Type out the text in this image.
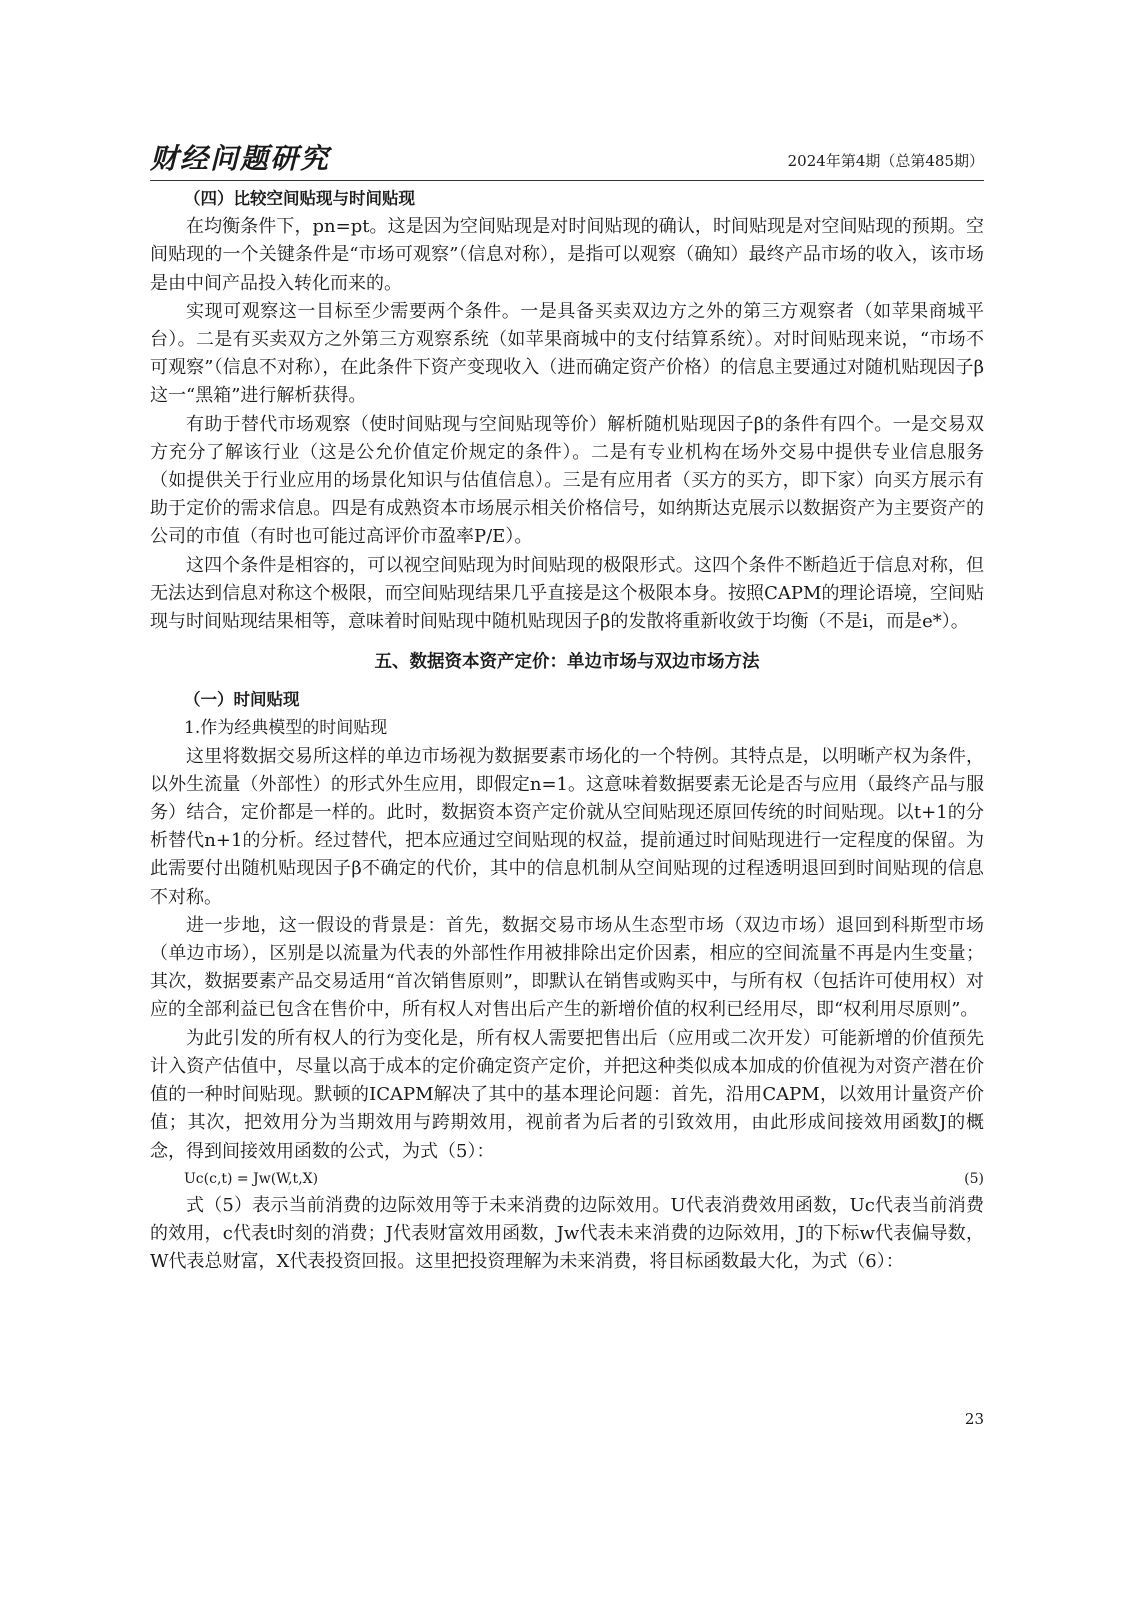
财经问题研究	2024年第4期（总第485期）
（四）比较空间贴现与时间贴现

在均衡条件下，pn=pt。这是因为空间贴现是对时间贴现的确认，时间贴现是对空间贴现的预期。空间贴现的一个关键条件是“市场可观察”（信息对称），是指可以观察（确知）最终产品市场的收入，该市场是由中间产品投入转化而来的。

实现可观察这一目标至少需要两个条件。一是具备买卖双边方之外的第三方观察者（如苹果商城平台）。二是有买卖双方之外第三方观察系统（如苹果商城中的支付结算系统）。对时间贴现来说，“市场不可观察”（信息不对称），在此条件下资产变现收入（进而确定资产价格）的信息主要通过对随机贴现因子β这一“黑箱”进行解析获得。

有助于替代市场观察（使时间贴现与空间贴现等价）解析随机贴现因子β的条件有四个。一是交易双方充分了解该行业（这是公允价值定价规定的条件）。二是有专业机构在场外交易中提供专业信息服务（如提供关于行业应用的场景化知识与估值信息）。三是有应用者（买方的买方，即下家）向买方展示有助于定价的需求信息。四是有成熟资本市场展示相关价格信号，如纳斯达克展示以数据资产为主要资产的公司的市值（有时也可能过高评价市盈率P/E）。

这四个条件是相容的，可以视空间贴现为时间贴现的极限形式。这四个条件不断趋近于信息对称，但无法达到信息对称这个极限，而空间贴现结果几乎直接是这个极限本身。按照CAPM的理论语境，空间贴现与时间贴现结果相等，意味着时间贴现中随机贴现因子β的发散将重新收敛于均衡（不是i，而是e*）。

五、数据资本资产定价：单边市场与双边市场方法
（一）时间贴现
1.作为经典模型的时间贴现

这里将数据交易所这样的单边市场视为数据要素市场化的一个特例。其特点是，以明晰产权为条件，以外生流量（外部性）的形式外生应用，即假定n=1。这意味着数据要素无论是否与应用（最终产品与服务）结合，定价都是一样的。此时，数据资本资产定价就从空间贴现还原回传统的时间贴现。以t+1的分析替代n+1的分析。经过替代，把本应通过空间贴现的权益，提前通过时间贴现进行一定程度的保留。为此需要付出随机贴现因子β不确定的代价，其中的信息机制从空间贴现的过程透明退回到时间贴现的信息不对称。

进一步地，这一假设的背景是：首先，数据交易市场从生态型市场（双边市场）退回到科斯型市场（单边市场），区别是以流量为代表的外部性作用被排除出定价因素，相应的空间流量不再是内生变量；其次，数据要素产品交易适用“首次销售原则”，即默认在销售或购买中，与所有权（包括许可使用权）对应的全部利益已包含在售价中，所有权人对售出后产生的新增价值的权利已经用尽，即“权利用尽原则”。

为此引发的所有权人的行为变化是，所有权人需要把售出后（应用或二次开发）可能新增的价值预先计入资产估值中，尽量以高于成本的定价确定资产定价，并把这种类似成本加成的价值视为对资产潜在价值的一种时间贴现。默顿的ICAPM解决了其中的基本理论问题：首先，沿用CAPM，以效用计量资产价值；其次，把效用分为当期效用与跨期效用，视前者为后者的引致效用，由此形成间接效用函数J的概念，得到间接效用函数的公式，为式（5）：

Uc(c,t) = Jw(W,t,X)	(5)

式（5）表示当前消费的边际效用等于未来消费的边际效用。U代表消费效用函数，Uc代表当前消费的效用，c代表t时刻的消费；J代表财富效用函数，Jw代表未来消费的边际效用，J的下标w代表偏导数，W代表总财富，X代表投资回报。这里把投资理解为未来消费，将目标函数最大化，为式（6）：

23
